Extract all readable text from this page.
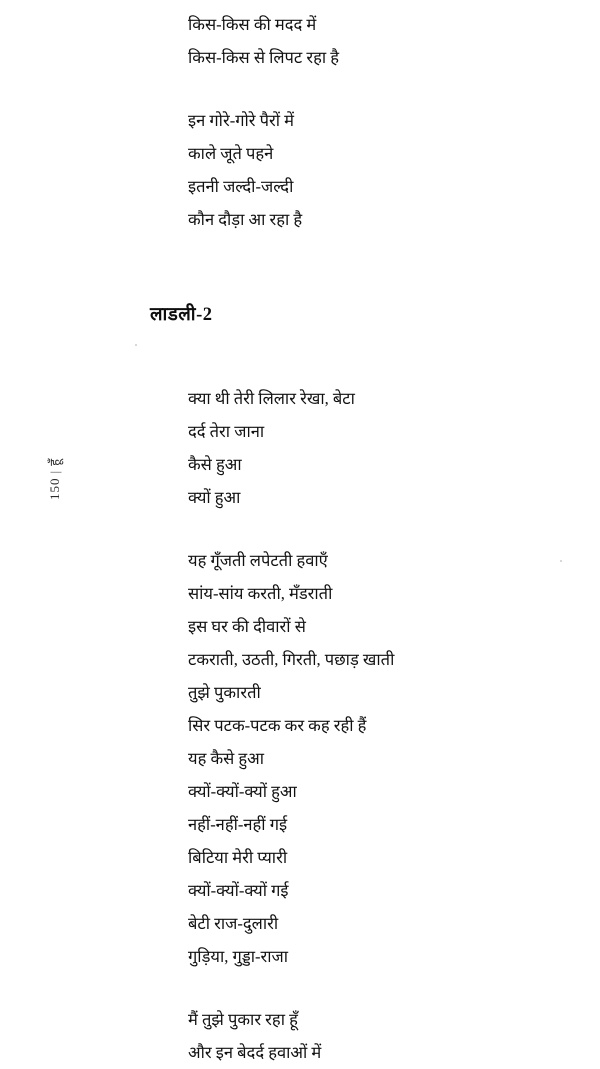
150|हूँ
किस-किस की मदद में
किस-किस से लिपट रहा है
इन गोरे-गोरे पैरों में
काले जूते पहने
इतनी जल्दी-जल्दी
कौन दौड़ा आ रहा है
लाडली-2
क्या थी तेरी लिलार रेखा, बेटा
दर्द तेरा जाना
कैसे हुआ
क्यों हुआ
यह गूँजती लपेटती हवाएँ
सांय-सांय करती, मँडराती
इस घर की दीवारों से
टकराती, उठती, गिरती, पछाड़ खाती
तुझे पुकारती
सिर पटक-पटक कर कह रही हैं
यह कैसे हुआ
क्यों-क्यों-क्यों हुआ
नहीं-नहीं-नहीं गई
बिटिया मेरी प्यारी
क्यों-क्यों-क्यों गई
बेटी राज-दुलारी
गुड़िया, गुड्डा-राजा
मैं तुझे पुकार रहा हूँ
और इन बेदर्द हवाओं में
